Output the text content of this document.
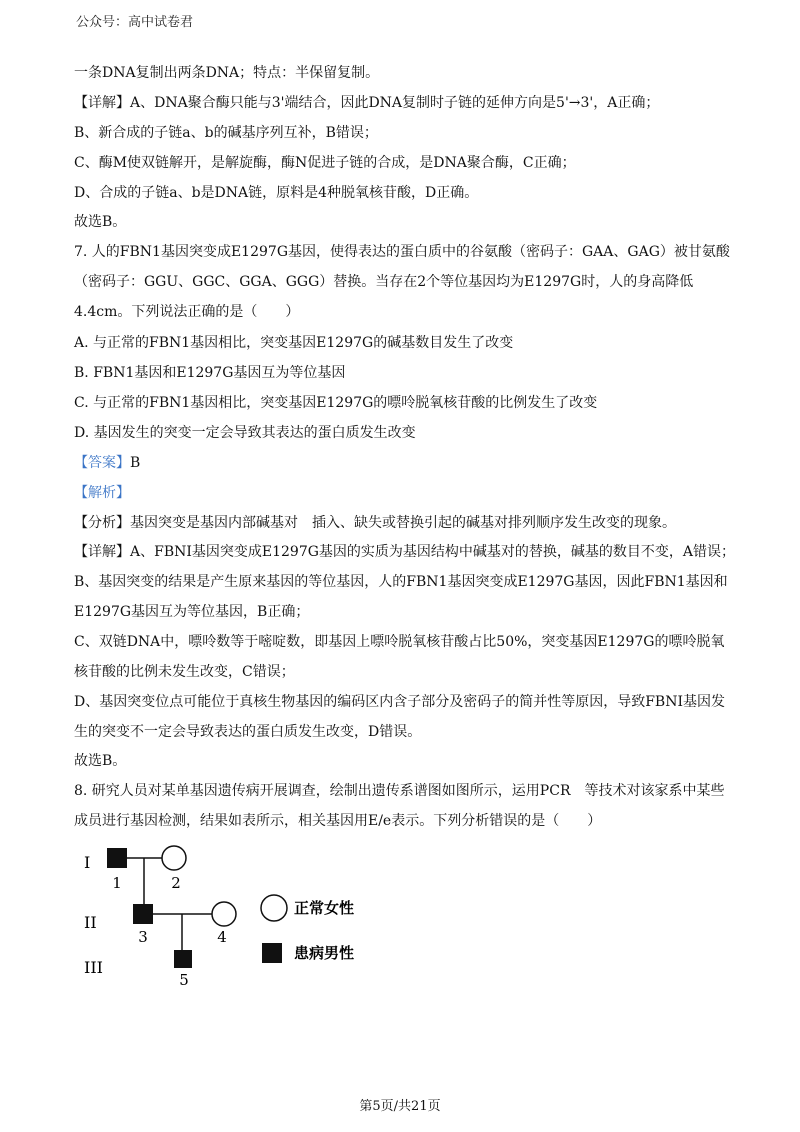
公众号：高中试卷君
一条DNA复制出两条DNA；特点：半保留复制。
【详解】A、DNA聚合酶只能与3'端结合，因此DNA复制时子链的延伸方向是5'→3'，A正确；
B、新合成的子链a、b的碱基序列互补，B错误；
C、酶M使双链解开，是解旋酶，酶N促进子链的合成，是DNA聚合酶，C正确；
D、合成的子链a、b是DNA链，原料是4种脱氧核苷酸，D正确。
故选B。
7. 人的FBN1基因突变成E1297G基因，使得表达的蛋白质中的谷氨酸（密码子：GAA、GAG）被甘氨酸
（密码子：GGU、GGC、GGA、GGG）替换。当存在2个等位基因均为E1297G时，人的身高降低
4.4cm。下列说法正确的是（　　）
A. 与正常的FBN1基因相比，突变基因E1297G的碱基数目发生了改变
B. FBN1基因和E1297G基因互为等位基因
C. 与正常的FBN1基因相比，突变基因E1297G的嘌呤脱氧核苷酸的比例发生了改变
D. 基因发生的突变一定会导致其表达的蛋白质发生改变
【答案】B
【解析】
【分析】基因突变是基因内部碱基对　插入、缺失或替换引起的碱基对排列顺序发生改变的现象。
【详解】A、FBNI基因突变成E1297G基因的实质为基因结构中碱基对的替换，碱基的数目不变，A错误；
B、基因突变的结果是产生原来基因的等位基因，人的FBN1基因突变成E1297G基因，因此FBN1基因和
E1297G基因互为等位基因，B正确；
C、双链DNA中，嘌呤数等于嘧啶数，即基因上嘌呤脱氧核苷酸占比50%，突变基因E1297G的嘌呤脱氧
核苷酸的比例未发生改变，C错误；
D、基因突变位点可能位于真核生物基因的编码区内含子部分及密码子的简并性等原因，导致FBNI基因发
生的突变不一定会导致表达的蛋白质发生改变，D错误。
故选B。
8. 研究人员对某单基因遗传病开展调查，绘制出遗传系谱图如图所示，运用PCR　等技术对该家系中某些
成员进行基因检测，结果如表所示，相关基因用E/e表示。下列分析错误的是（　　）
I
II
III
1	2
3	4
5
正常女性
患病男性
第5页/共21页
